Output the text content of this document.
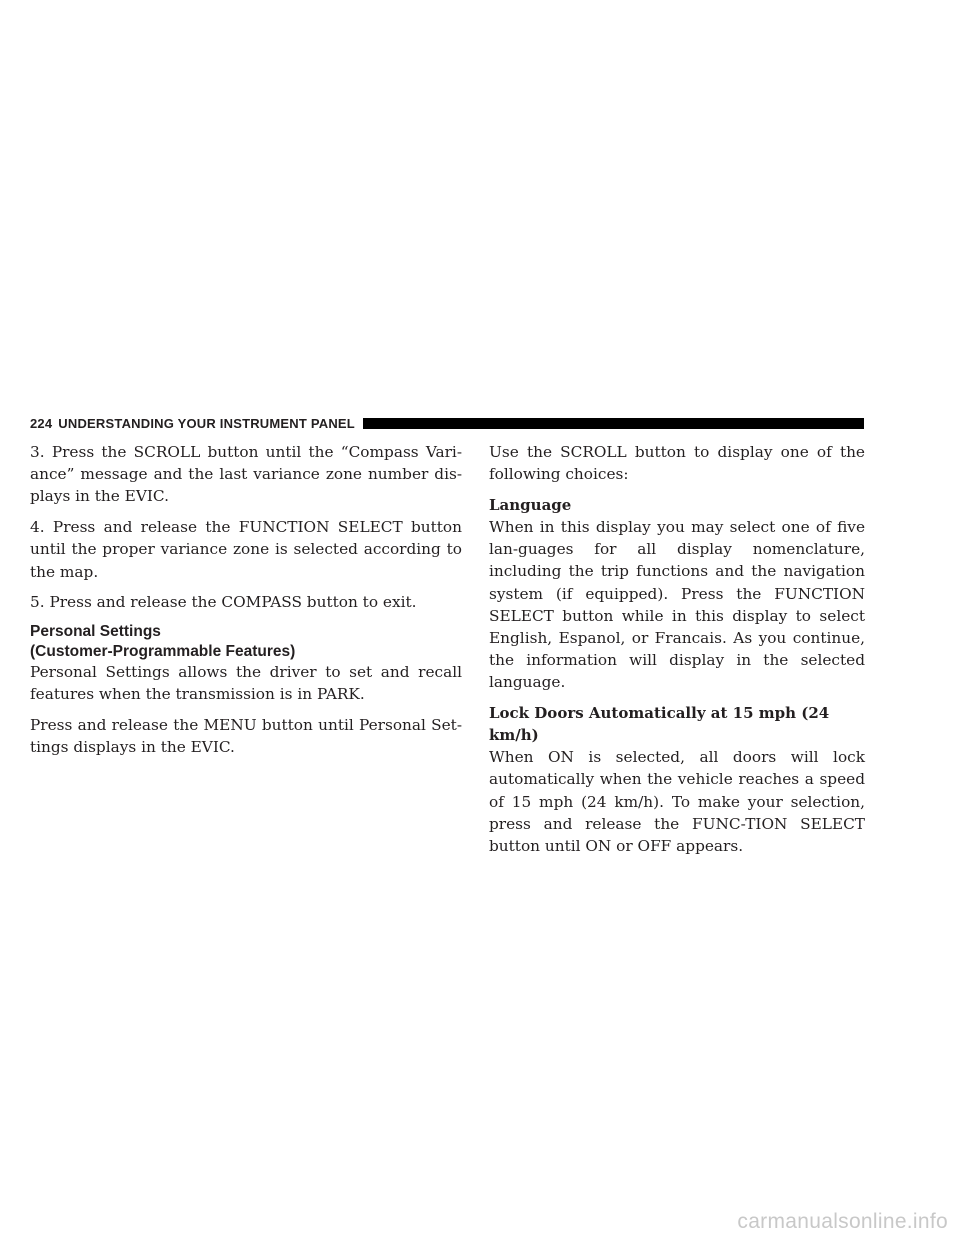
224 UNDERSTANDING YOUR INSTRUMENT PANEL

3. Press the SCROLL button until the “Compass Vari-ance” message and the last variance zone number dis-plays in the EVIC.

4. Press and release the FUNCTION SELECT button until the proper variance zone is selected according to the map.

5. Press and release the COMPASS button to exit.

Personal Settings
(Customer-Programmable Features)

Personal Settings allows the driver to set and recall features when the transmission is in PARK.

Press and release the MENU button until Personal Set-tings displays in the EVIC.

Use the SCROLL button to display one of the following choices:

Language

When in this display you may select one of five lan-guages for all display nomenclature, including the trip functions and the navigation system (if equipped). Press the FUNCTION SELECT button while in this display to select English, Espanol, or Francais. As you continue, the information will display in the selected language.

Lock Doors Automatically at 15 mph (24 km/h)

When ON is selected, all doors will lock automatically when the vehicle reaches a speed of 15 mph (24 km/h). To make your selection, press and release the FUNC-TION SELECT button until ON or OFF appears.

carmanualsonline.info
